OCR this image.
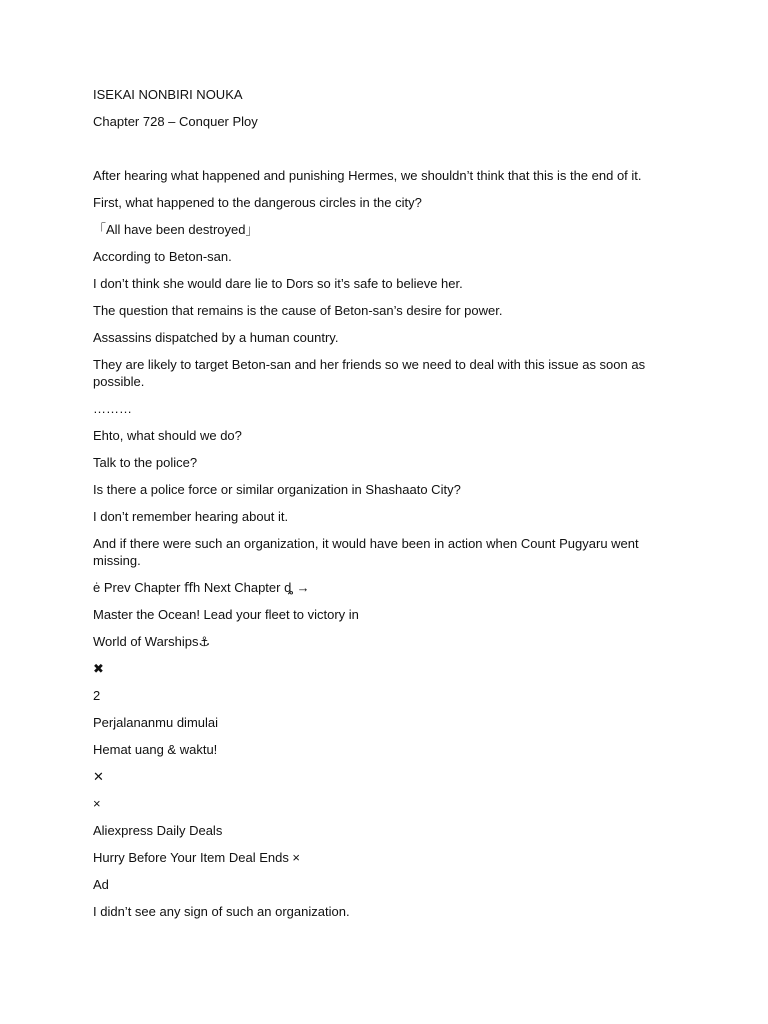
ISEKAI NONBIRI NOUKA
Chapter 728 – Conquer Ploy
After hearing what happened and punishing Hermes, we shouldn’t think that this is the end of it.
First, what happened to the dangerous circles in the city?
「All have been destroyed」
According to Beton-san.
I don’t think she would dare lie to Dors so it’s safe to believe her.
The question that remains is the cause of Beton-san’s desire for power.
Assassins dispatched by a human country.
They are likely to target Beton-san and her friends so we need to deal with this issue as soon as possible.
………
Ehto, what should we do?
Talk to the police?
Is there a police force or similar organization in Shashaato City?
I don’t remember hearing about it.
And if there were such an organization, it would have been in action when Count Pugyaru went missing.
ė Prev Chapter ﬀh Next Chapter ȡ →
Master the Ocean! Lead your fleet to victory in
World of Warships⚓
✖
2
Perjalananmu dimulai
Hemat uang & waktu!
✕
×
Aliexpress Daily Deals
Hurry Before Your Item Deal Ends ×
Ad
I didn’t see any sign of such an organization.
